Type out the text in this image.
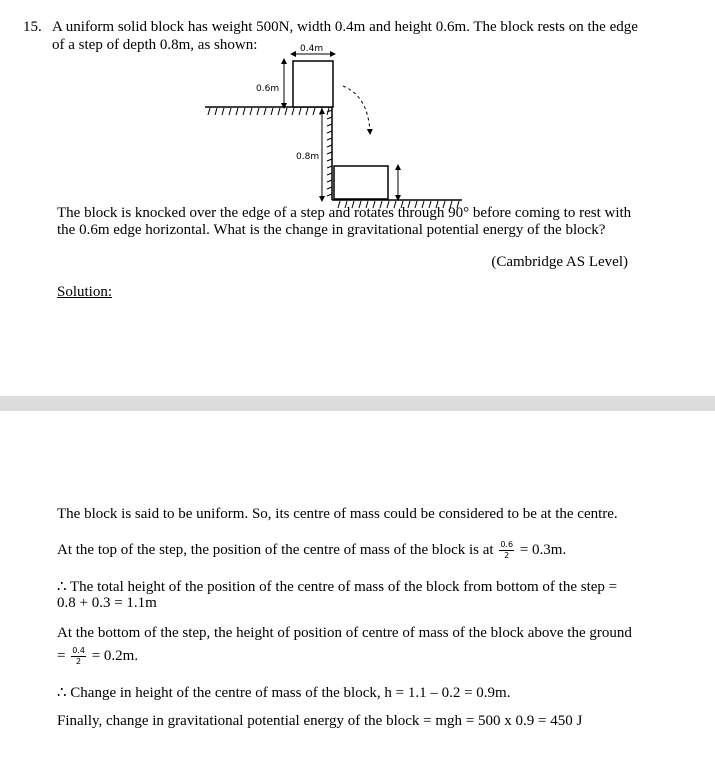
15. A uniform solid block has weight 500N, width 0.4m and height 0.6m. The block rests on the edge

of a step of depth 0.8m, as shown:	0.4m
0.6m
0.8m

The block is knocked over the edge of a step and rotates through 90° before coming to rest with

the 0.6m edge horizontal. What is the change in gravitational potential energy of the block?

(Cambridge AS Level)

Solution:

The block is said to be uniform. So, its centre of mass could be considered to be at the centre.

At the top of the step, the position of the centre of mass of the block is at $\frac{0.6}{2} = 0.3m$.

∴ The total height of the position of the centre of mass of the block from bottom of the step =

0.8 + 0.3 = 1.1m

At the bottom of the step, the height of position of centre of mass of the block above the ground

= $\frac{0.4}{2} = 0.2m$.

∴ Change in height of the centre of mass of the block, h = 1.1 – 0.2 = 0.9m.

Finally, change in gravitational potential energy of the block = mgh = 500 x 0.9 = 450 J
